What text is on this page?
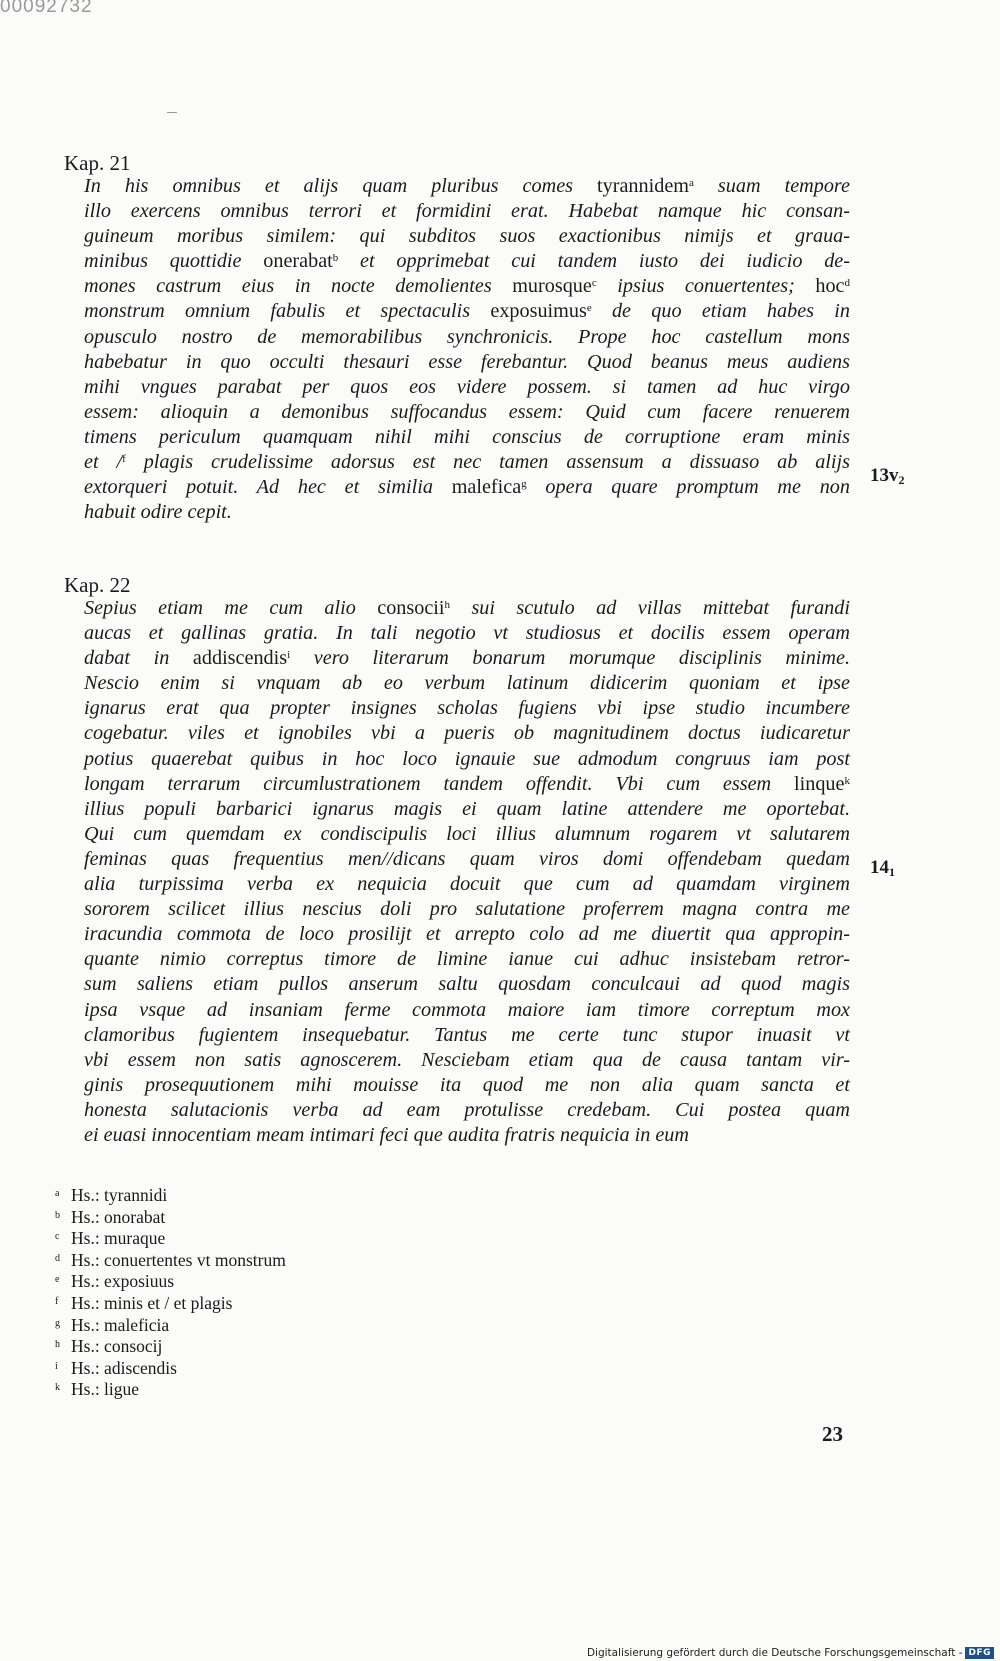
00092732
Kap. 21

In his omnibus et alijs quam pluribus comes tyrannidem$^a$ suam tempore
illo exercens omnibus terrori et formidini erat. Habebat namque hic consan-
guineum moribus similem: qui subditos suos exactionibus nimijs et graua-
minibus quottidie onerabat$^b$ et opprimebat cui tandem iusto dei iudicio de-
mones castrum eius in nocte demolientes murosque$^c$ ipsius conuertentes; hoc$^d$
monstrum omnium fabulis et spectaculis exposuimus$^e$ de quo etiam habes in
opusculo nostro de memorabilibus synchronicis. Prope hoc castellum mons
habebatur in quo occulti thesauri esse ferebantur. Quod beanus meus audiens
mihi vngues parabat per quos eos videre possem. si tamen ad huc virgo
essem: alioquin a demonibus suffocandus essem: Quid cum facere renuerem
timens periculum quamquam nihil mihi conscius de corruptione eram minis
et /$^f$ plagis crudelissime adorsus est nec tamen assensum a dissuaso ab alijs
extorqueri potuit. Ad hec et similia malefica$^g$ opera quare promptum me non
habuit odire cepit.

$13v_2$
Kap. 22

Sepius etiam me cum alio consocii$^h$ sui scutulo ad villas mittebat furandi
aucas et gallinas gratia. In tali negotio vt studiosus et docilis essem operam
dabat in addiscendis$^i$ vero literarum bonarum morumque disciplinis minime.
Nescio enim si vnquam ab eo verbum latinum didicerim quoniam et ipse
ignarus erat qua propter insignes scholas fugiens vbi ipse studio incumbere
cogebatur. viles et ignobiles vbi a pueris ob magnitudinem doctus iudicaretur
potius quaerebat quibus in hoc loco ignauie sue admodum congruus iam post
longam terrarum circumlustrationem tandem offendit. Vbi cum essem linque$^k$
illius populi barbarici ignarus magis ei quam latine attendere me oportebat.
Qui cum quemdam ex condiscipulis loci illius alumnum rogarem vt salutarem
feminas quas frequentius men//dicans quam viros domi offendebam quedam
alia turpissima verba ex nequicia docuit que cum ad quamdam virginem
sororem scilicet illius nescius doli pro salutatione proferrem magna contra me
iracundia commota de loco prosilijt et arrepto colo ad me diuertit qua appropin-
quante nimio correptus timore de limine ianue cui adhuc insistebam retror-
sum saliens etiam pullos anserum saltu quosdam conculcaui ad quod magis
ipsa vsque ad insaniam ferme commota maiore iam timore correptum mox
clamoribus fugientem insequebatur. Tantus me certe tunc stupor inuasit vt
vbi essem non satis agnoscerem. Nesciebam etiam qua de causa tantam vir-
ginis prosequutionem mihi mouisse ita quod me non alia quam sancta et
honesta salutacionis verba ad eam protulisse credebam. Cui postea quam
ei euasi innocentiam meam intimari feci que audita fratris nequicia in eum

$14_1$
a Hs.: tyrannidi
b Hs.: onorabat
c Hs.: muraque
d Hs.: conuertentes vt monstrum
e Hs.: exposiuus
f Hs.: minis et / et plagis
g Hs.: maleficia
h Hs.: consocij
i Hs.: adiscendis
k Hs.: ligue
23
Digitalisierung gefördert durch die Deutsche Forschungsgemeinschaft - DFG
